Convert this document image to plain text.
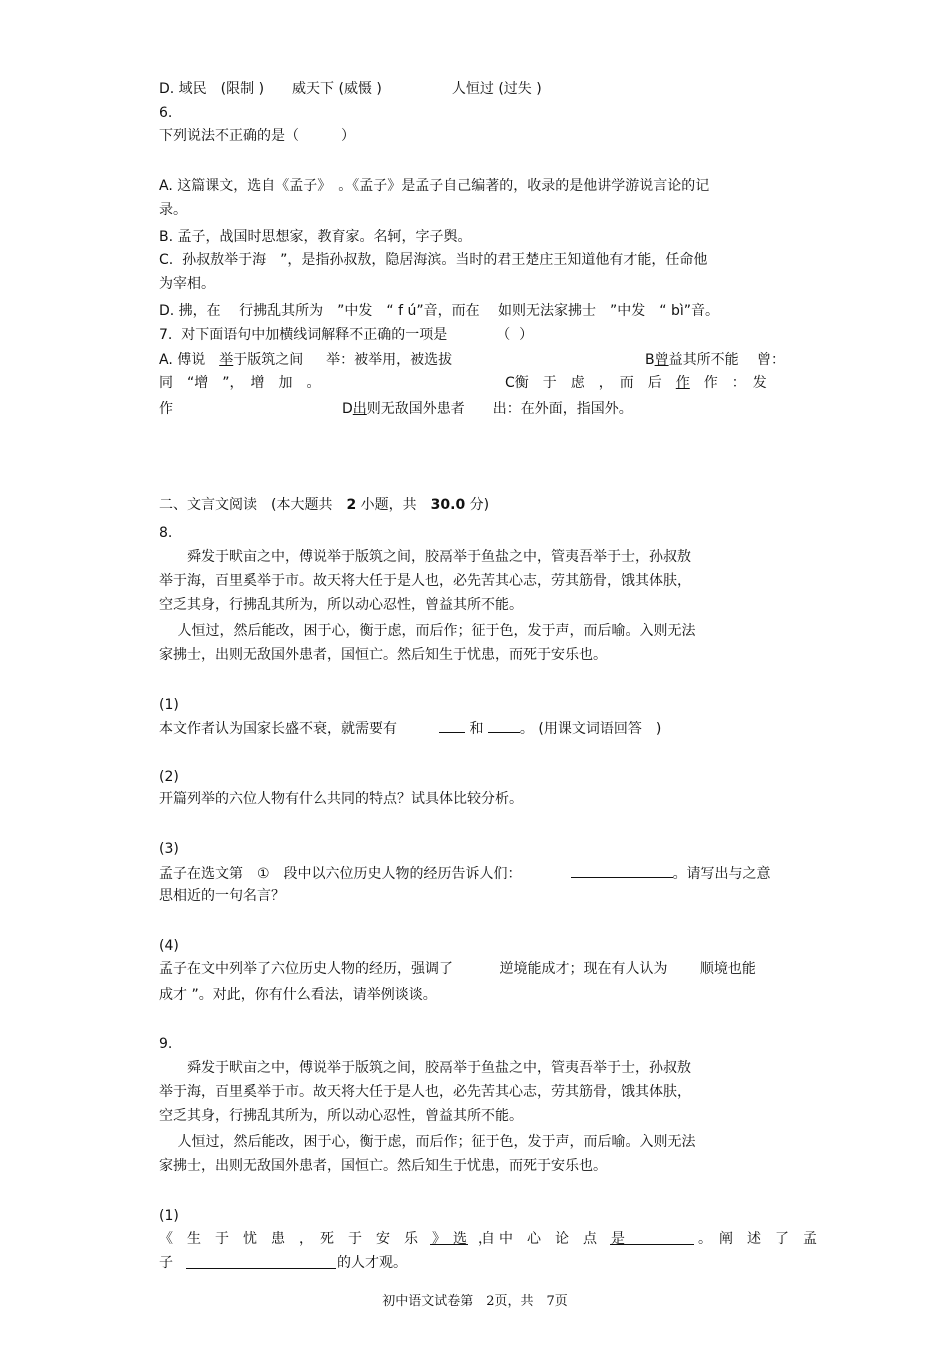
D. 域民　(限制 )　　威天下 (威慑 )　　　　　人恒过 (过失 )
6.
下列说法不正确的是（　　　）
A. 这篇课文，选自《孟子》　。《孟子》是孟子自己编著的，收录的是他讲学游说言论的记
录。
B. 孟子，战国时思想家，教育家。名轲，字子舆。
C.  孙叔敖举于海　”，是指孙叔敖，隐居海滨。当时的君王楚庄王知道他有才能，任命他
为宰相。
D. 拂，在　 行拂乱其所为　”中发　“ f ú”音，而在　 如则无法家拂士　”中发　“ bì”音。
7.  对下面语句中加横线词解释不正确的一项是　　　　（  ）
A. 傅说　举于版筑之间　  举：被举用，被选拔	B曾益其所不能　 曾：
同　“增　”，　增　加　。	C衡　于　虑　，　而　后　作　作　：　发
作	D出则无敌国外患者　　出：在外面，指国外。
二、文言文阅读　(本大题共　2 小题，共　30.0 分)
8.
　　舜发于畎亩之中，傅说举于版筑之间，胶鬲举于鱼盐之中，管夷吾举于士，孙叔敖
举于海，百里奚举于市。故天将大任于是人也，必先苦其心志，劳其筋骨，饿其体肤，
空乏其身，行拂乱其所为，所以动心忍性，曾益其所不能。
　 人恒过，然后能改，困于心，衡于虑，而后作；征于色，发于声，而后喻。入则无法
家拂士，出则无敌国外患者，国恒亡。然后知生于忧患，而死于安乐也。
(1)
本文作者认为国家长盛不衰，就需要有　　　 和 。 (用课文词语回答　)
(2)
开篇列举的六位人物有什么共同的特点？试具体比较分析。
(3)
孟子在选文第　①　段中以六位历史人物的经历告诉人们：　　　　	。请写出与之意
思相近的一句名言？
(4)
孟子在文中列举了六位历史人物的经历，强调了　　　 逆境能成才；现在有人认为　　 顺境也能
成才 ”。对此，你有什么看法，请举例谈谈。
9.
　　舜发于畎亩之中，傅说举于版筑之间，胶鬲举于鱼盐之中，管夷吾举于士，孙叔敖
举于海，百里奚举于市。故天将大任于是人也，必先苦其心志，劳其筋骨，饿其体肤，
空乏其身，行拂乱其所为，所以动心忍性，曾益其所不能。
　 人恒过，然后能改，困于心，衡于虑，而后作；征于色，发于声，而后喻。入则无法
家拂士，出则无敌国外患者，国恒亡。然后知生于忧患，而死于安乐也。
(1)
《　生　于　忧　患　，　死　于　安　乐　》　选　自
，　中　心　论　点　是	。　阐　述　了　孟
子	的人才观。
初中语文试卷第　2页，共　7页
